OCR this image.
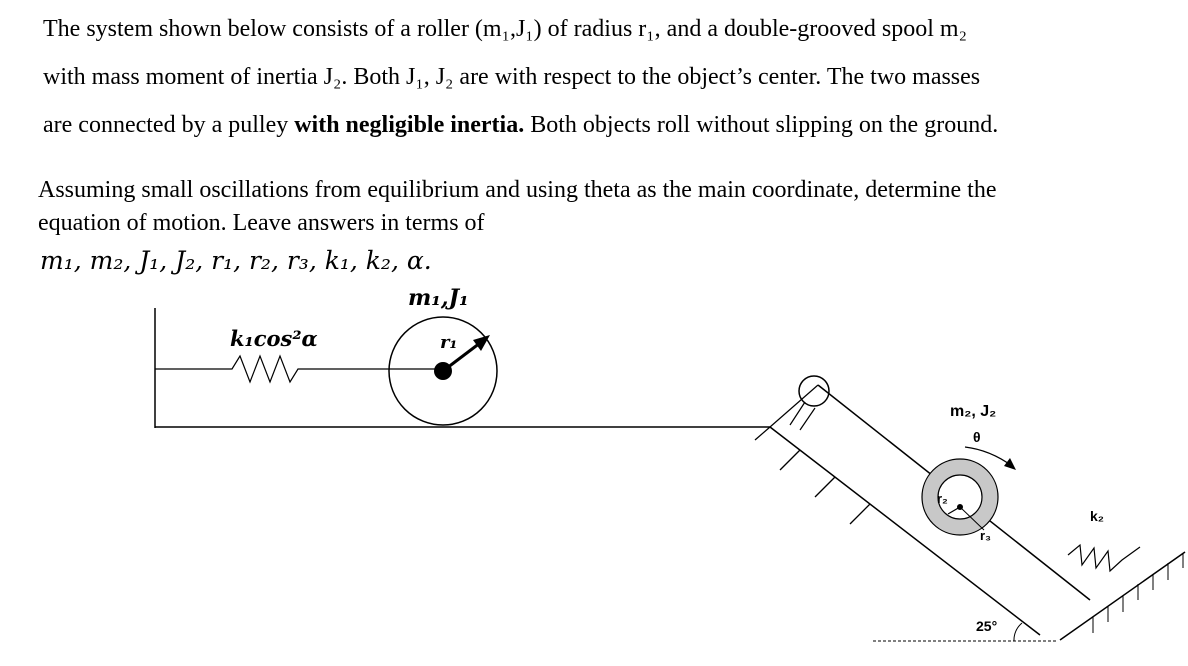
The system shown below consists of a roller (m₁,J₁) of radius r₁, and a double-grooved spool m₂
with mass moment of inertia J₂. Both J₁, J₂ are with respect to the object’s center. The two masses
are connected by a pulley with negligible inertia. Both objects roll without slipping on the ground.
Assuming small oscillations from equilibrium and using theta as the main coordinate, determine the
equation of motion. Leave answers in terms of
m₁, m₂, J₁, J₂, r₁, r₂, r₃, k₁, k₂, α.
m₁,J₁
k₁cos²α	r₁
m₂, J₂
θ
r₂
r₃
k₂
25°
